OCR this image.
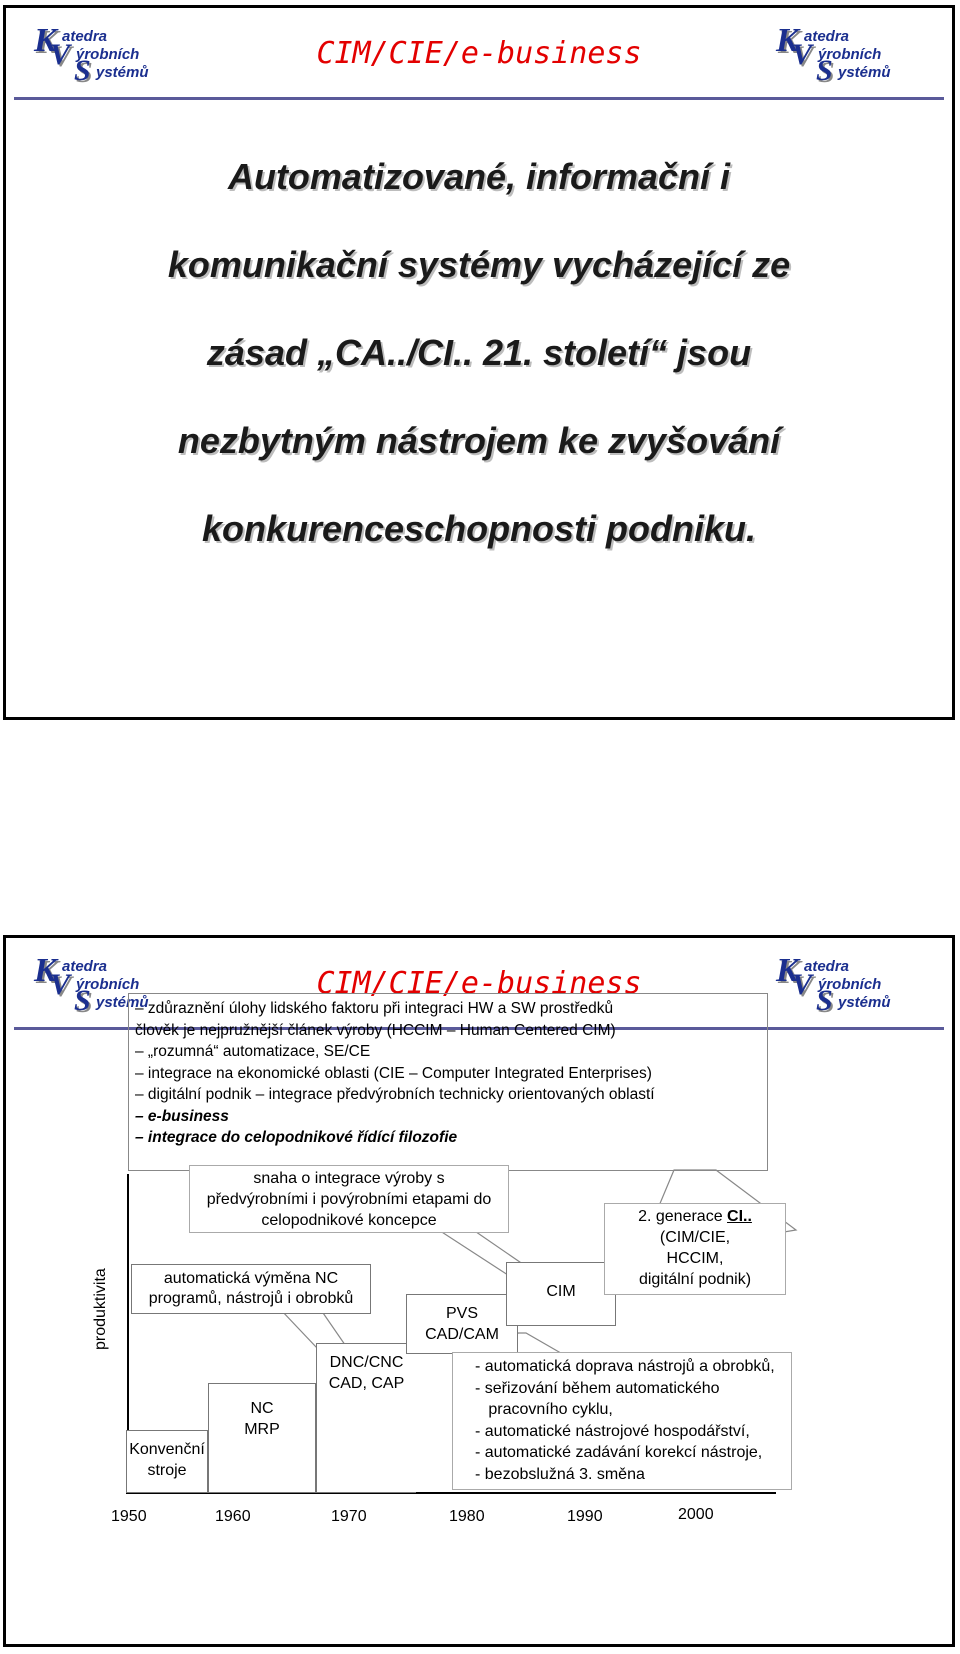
K atedra
V ýrobních
S ystémů
CIM/CIE/e-business	K atedra
V ýrobních
S ystémů
Automatizované, informační i
komunikační systémy vycházející ze
zásad „CA../CI.. 21. století“ jsou
nezbytným nástrojem ke zvyšování
konkurenceschopnosti podniku.
K atedra
V ýrobních
S ystémů
CIM/CIE/e-business	K atedra
V ýrobních
S ystémů
– zdůraznění úlohy lidského faktoru při integraci HW a SW prostředků
člověk je nejpružnější článek výroby (HCCIM – Human Centered CIM)
– „rozumná“ automatizace, SE/CE
– integrace na ekonomické oblasti (CIE – Computer Integrated Enterprises)
– digitální podnik – integrace předvýrobních technicky orientovaných oblastí
– e-business
– integrace do celopodnikové řídící filozofie
produktivita
Konvenční stroje
NC
MRP
DNC/CNC
CAD, CAP
PVS
CAD/CAM
CIM
automatická výměna NC
programů, nástrojů i obrobků
snaha o integrace výroby s
předvýrobními i povýrobními etapami do
celopodnikové koncepce	2. generace CI..
(CIM/CIE,
HCCIM,
digitální podnik)
- automatická doprava nástrojů a obrobků,
- seřizování během automatického
pracovního cyklu,
- automatické nástrojové hospodářství,
- automatické zadávání korekcí nástroje,
- bezobslužná 3. směna
1950	1960	1970	1980	1990	2000
